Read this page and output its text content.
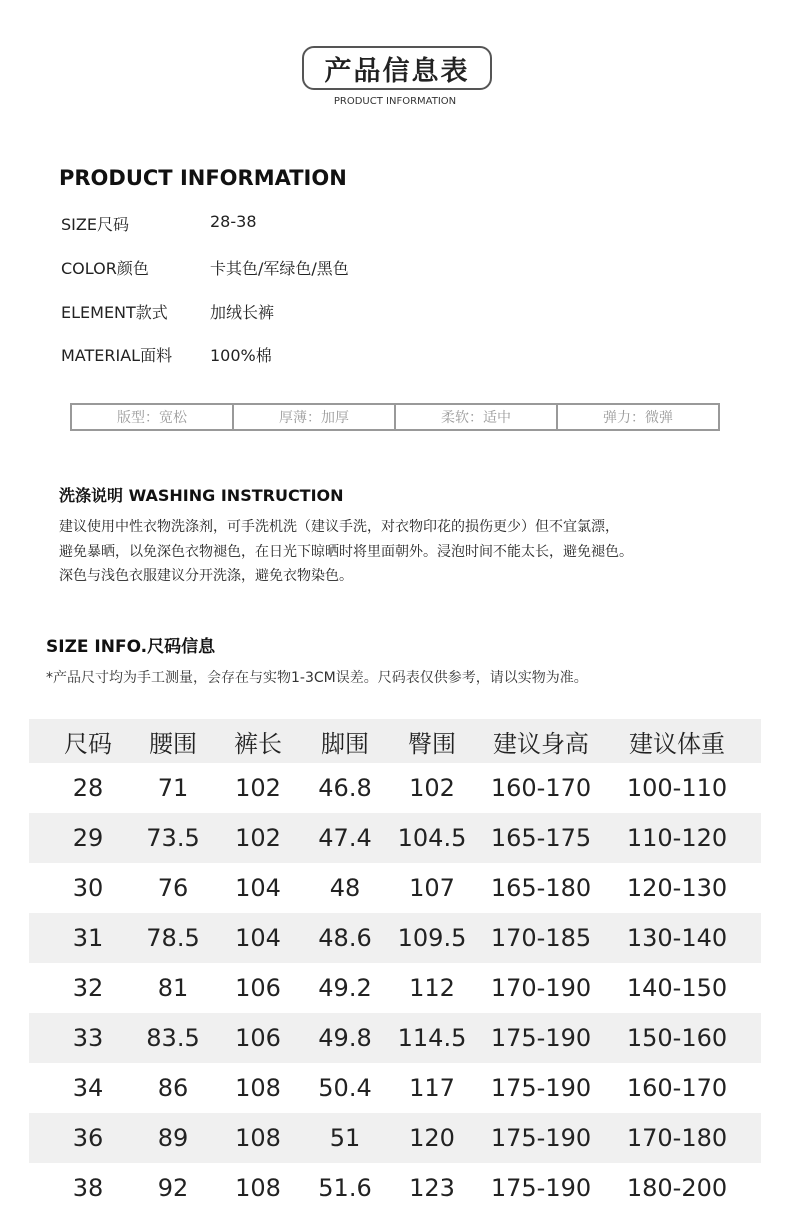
产品信息表
PRODUCT INFORMATION
PRODUCT INFORMATION
SIZE尺码	28-38
COLOR颜色	卡其色/军绿色/黑色
ELEMENT款式	加绒长裤
MATERIAL面料 100%棉
版型：宽松	厚薄：加厚	柔软：适中	弹力：微弹
洗涤说明 WASHING INSTRUCTION
建议使用中性衣物洗涤剂，可手洗机洗（建议手洗，对衣物印花的损伤更少）但不宜氯漂，
避免暴晒，以免深色衣物褪色，在日光下晾晒时将里面朝外。浸泡时间不能太长，避免褪色。
深色与浅色衣服建议分开洗涤，避免衣物染色。
SIZE INFO.尺码信息
*产品尺寸均为手工测量，会存在与实物1-3CM误差。尺码表仅供参考，请以实物为准。
尺码	腰围	裤长	脚围	臀围	建议身高	建议体重
28	71	102	46.8	102	160-170	100-110
29	73.5	102	47.4	104.5	165-175	110-120
30	76	104	48	107	165-180	120-130
31	78.5	104	48.6	109.5	170-185	130-140
32	81	106	49.2	112	170-190	140-150
33	83.5	106	49.8	114.5	175-190	150-160
34	86	108	50.4	117	175-190	160-170
36	89	108	51	120	175-190	170-180
38	92	108	51.6	123	175-190	180-200
